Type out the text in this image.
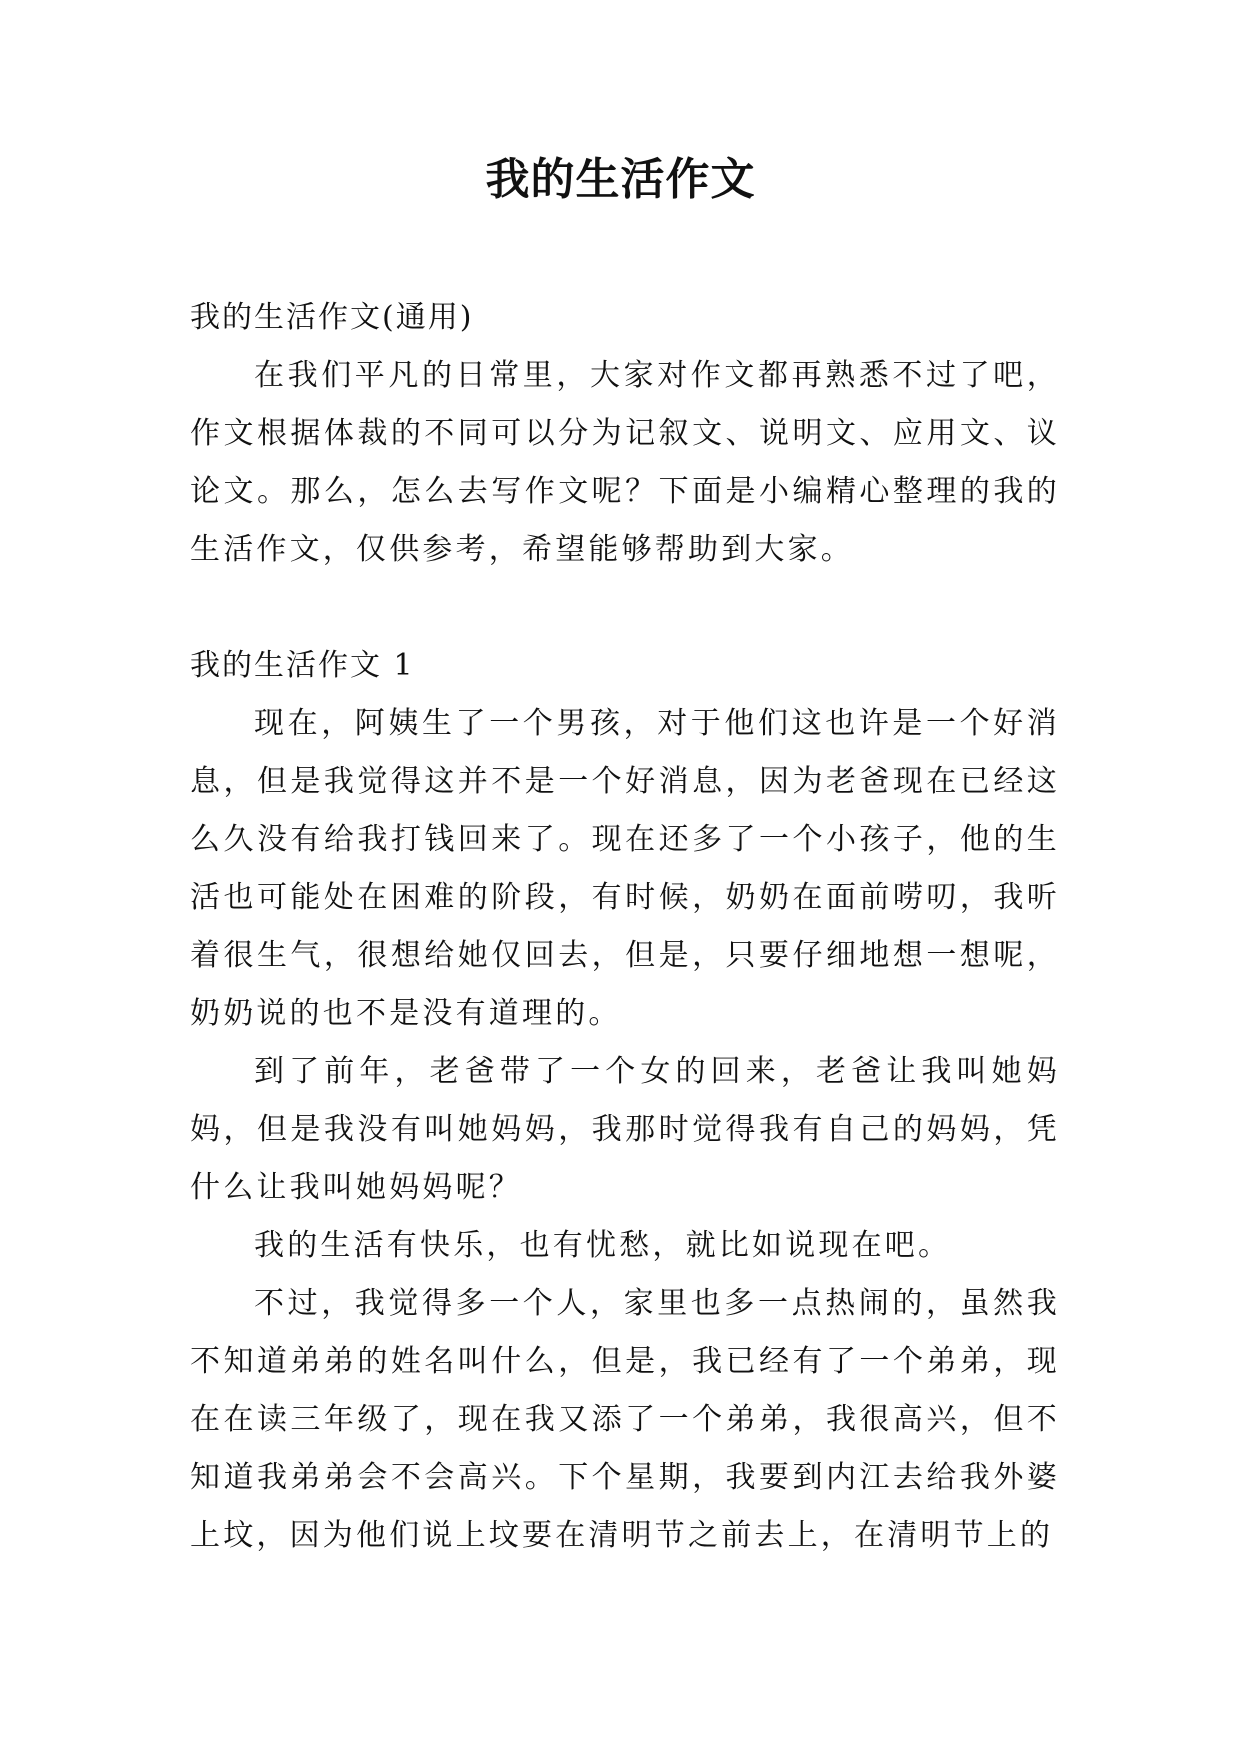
我的生活作文
我的生活作文(通用)

在我们平凡的日常里，大家对作文都再熟悉不过了吧，作文根据体裁的不同可以分为记叙文、说明文、应用文、议论文。那么，怎么去写作文呢？下面是小编精心整理的我的生活作文，仅供参考，希望能够帮助到大家。

我的生活作文 1

现在，阿姨生了一个男孩，对于他们这也许是一个好消息，但是我觉得这并不是一个好消息，因为老爸现在已经这么久没有给我打钱回来了。现在还多了一个小孩子，他的生活也可能处在困难的阶段，有时候，奶奶在面前唠叨，我听着很生气，很想给她仅回去，但是，只要仔细地想一想呢，奶奶说的也不是没有道理的。

到了前年，老爸带了一个女的回来，老爸让我叫她妈妈，但是我没有叫她妈妈，我那时觉得我有自己的妈妈，凭什么让我叫她妈妈呢？

我的生活有快乐，也有忧愁，就比如说现在吧。

不过，我觉得多一个人，家里也多一点热闹的，虽然我不知道弟弟的姓名叫什么，但是，我已经有了一个弟弟，现在在读三年级了，现在我又添了一个弟弟，我很高兴，但不知道我弟弟会不会高兴。下个星期，我要到内江去给我外婆上坟，因为他们说上坟要在清明节之前去上，在清明节上的
